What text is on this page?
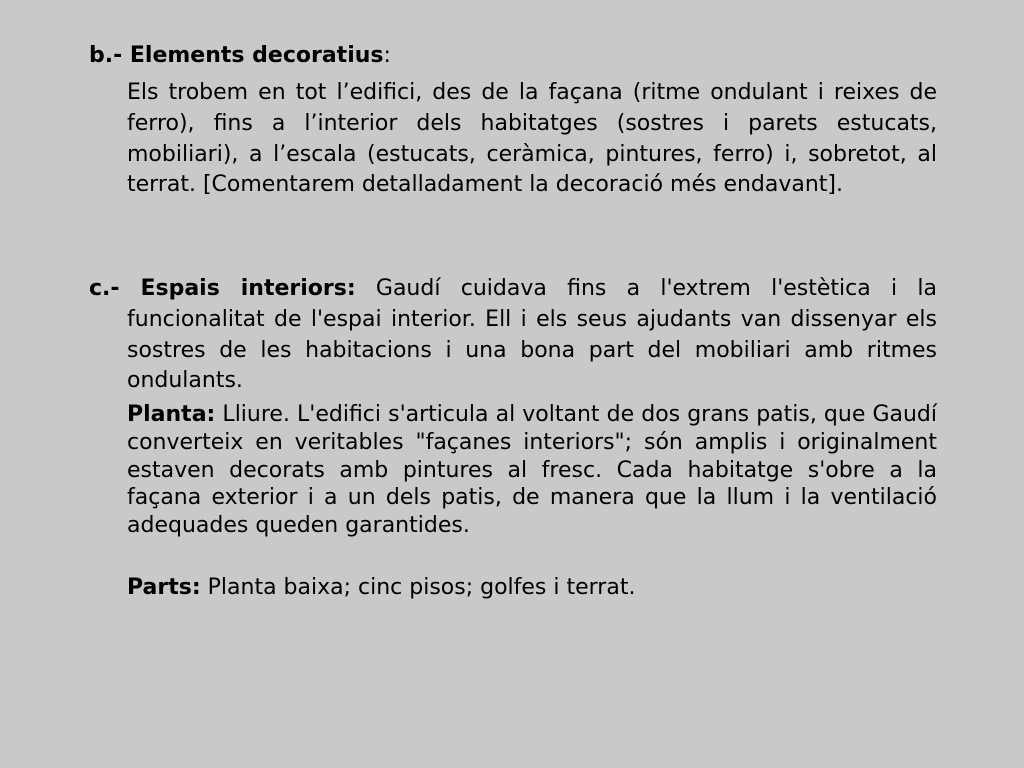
b.- Elements decoratius:
Els trobem en tot l’edifici, des de la façana (ritme ondulant i reixes de ferro), fins a l’interior dels habitatges (sostres i parets estucats, mobiliari), a l’escala (estucats, ceràmica, pintures, ferro) i, sobretot, al terrat. [Comentarem detalladament la decoració més endavant].
c.- Espais interiors: Gaudí cuidava fins a l'extrem l'estètica i la funcionalitat de l'espai interior. Ell i els seus ajudants van dissenyar els sostres de les habitacions i una bona part del mobiliari amb ritmes ondulants.
Planta: Lliure. L'edifici s'articula al voltant de dos grans patis, que Gaudí converteix en veritables "façanes interiors"; són amplis i originalment estaven decorats amb pintures al fresc. Cada habitatge s'obre a la façana exterior i a un dels patis, de manera que la llum i la ventilació adequades queden garantides.
Parts: Planta baixa; cinc pisos; golfes i terrat.
